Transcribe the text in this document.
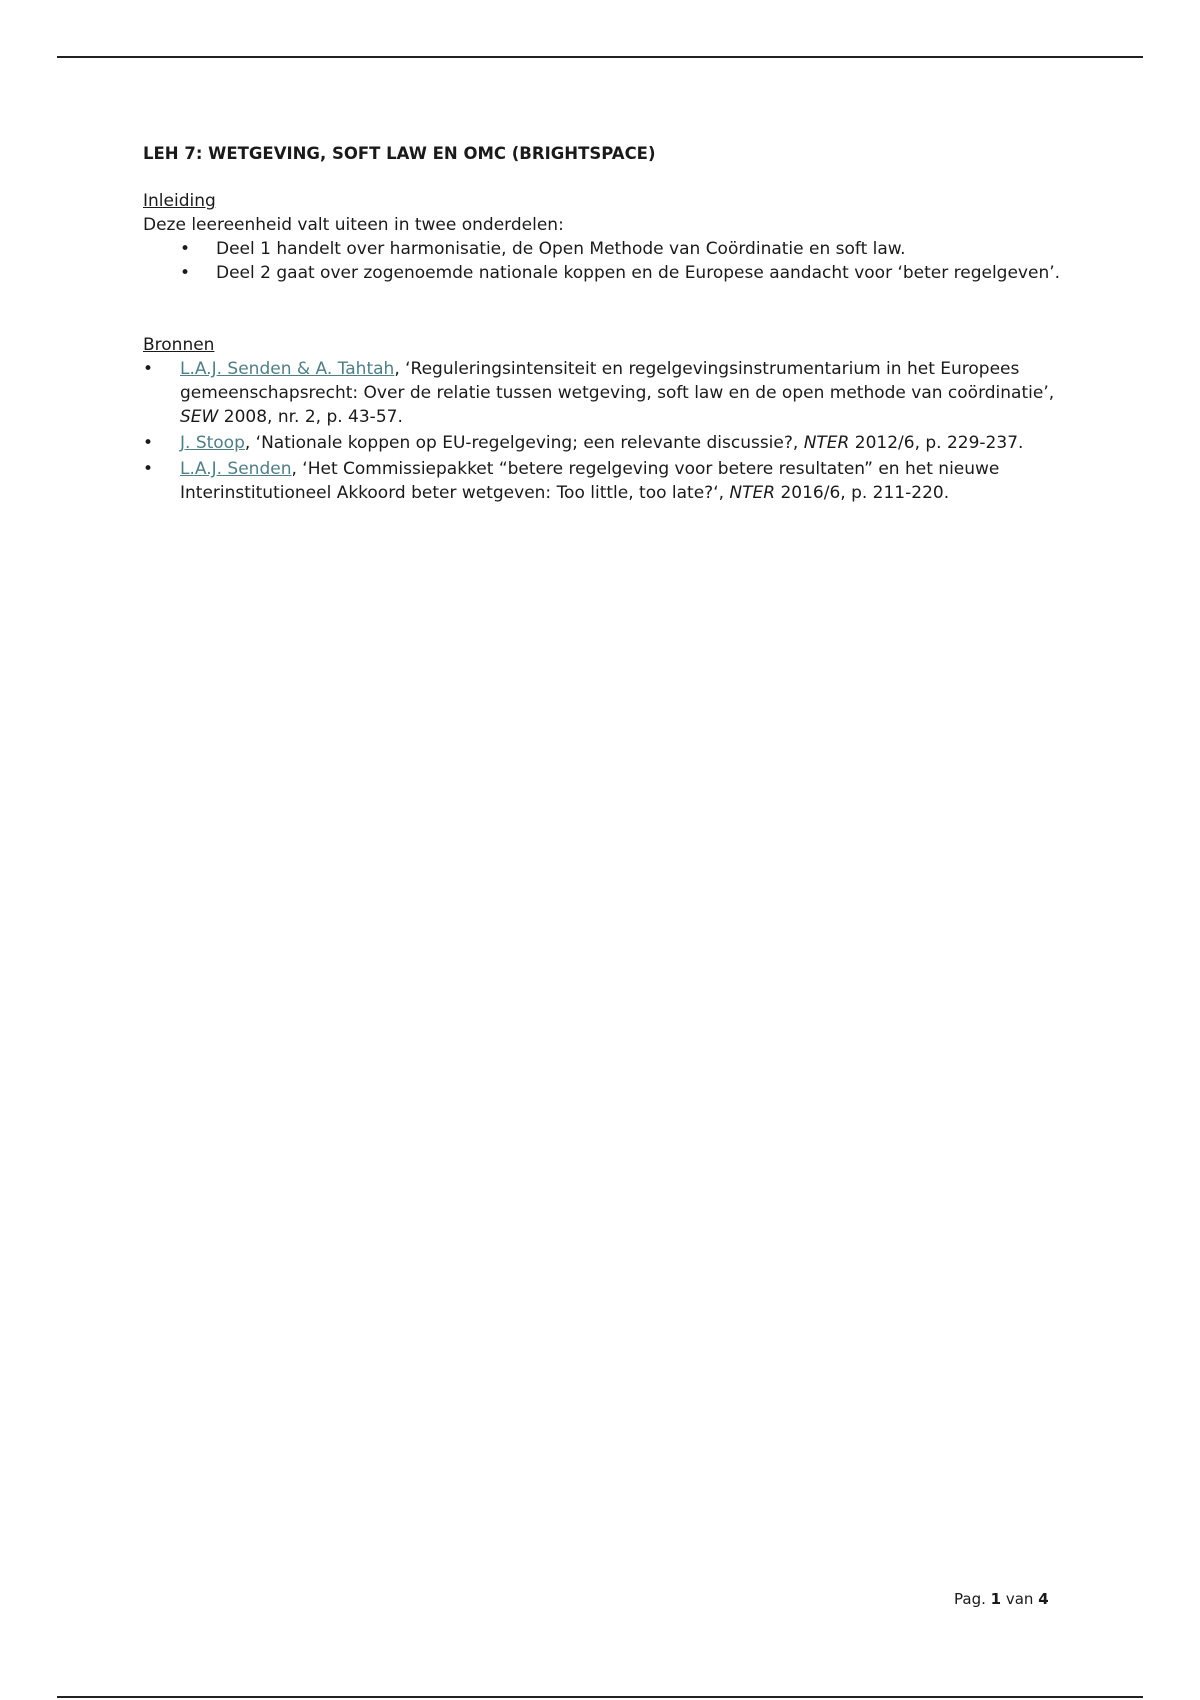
LEH 7: WETGEVING, SOFT LAW EN OMC (BRIGHTSPACE)

Inleiding

Deze leereenheid valt uiteen in twee onderdelen:

• Deel 1 handelt over harmonisatie, de Open Methode van Coördinatie en soft law.
• Deel 2 gaat over zogenoemde nationale koppen en de Europese aandacht voor ‘beter regelgeven’.

Bronnen

• L.A.J. Senden & A. Tahtah, ‘Reguleringsintensiteit en regelgevingsinstrumentarium in het Europees gemeenschapsrecht: Over de relatie tussen wetgeving, soft law en de open methode van coördinatie’, SEW 2008, nr. 2, p. 43-57.
• J. Stoop, ‘Nationale koppen op EU-regelgeving; een relevante discussie?, NTER 2012/6, p. 229-237.
• L.A.J. Senden, ‘Het Commissiepakket “betere regelgeving voor betere resultaten” en het nieuwe Interinstitutioneel Akkoord beter wetgeven: Too little, too late?‘, NTER 2016/6, p. 211-220.
Pag. 1 van 4
